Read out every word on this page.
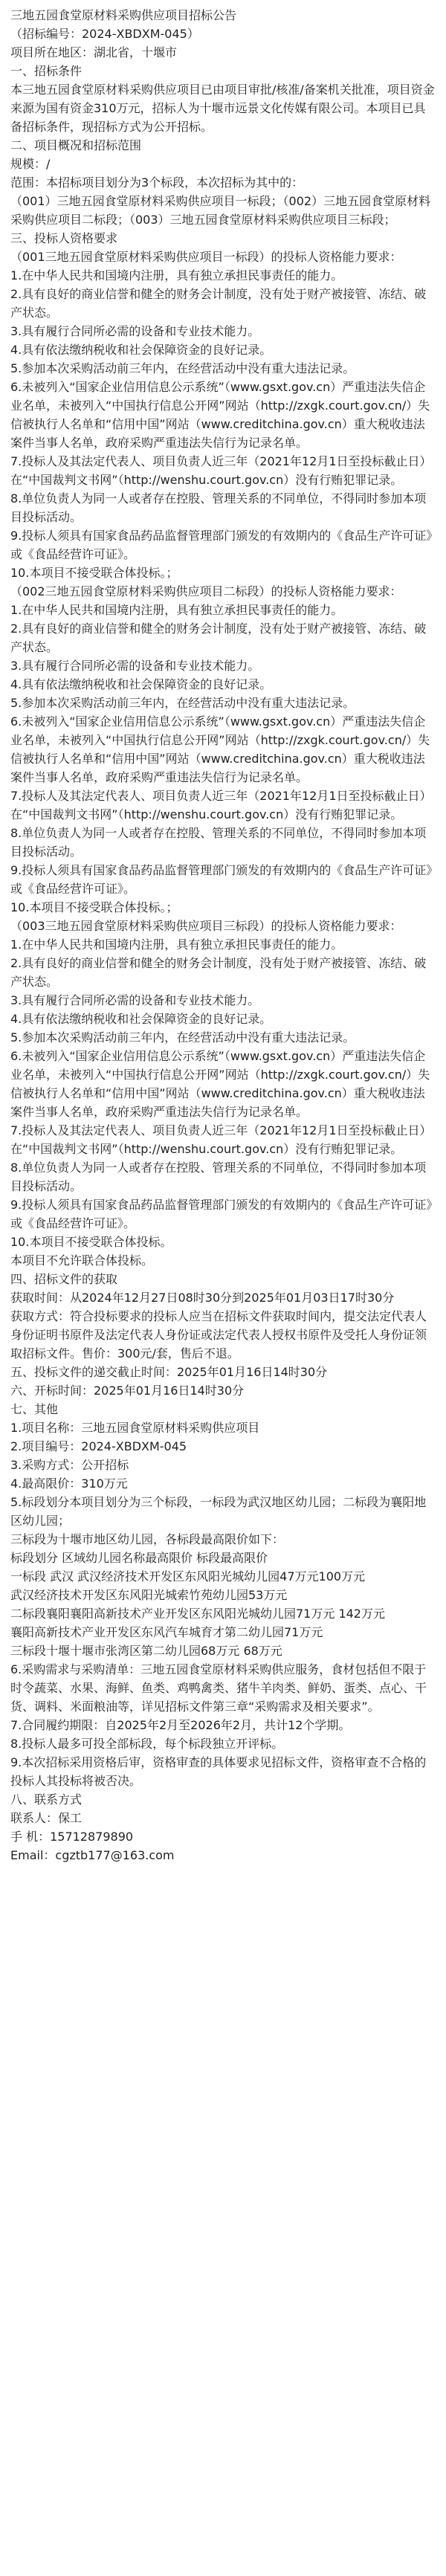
三地五园食堂原材料采购供应项目招标公告

（招标编号：2024-XBDXM-045）

项目所在地区：湖北省，十堰市

一、招标条件

本三地五园食堂原材料采购供应项目已由项目审批/核准/备案机关批准，项目资金来源为国有资金310万元，招标人为十堰市远景文化传媒有限公司。本项目已具备招标条件，现招标方式为公开招标。

二、项目概况和招标范围

规模：/

范围：本招标项目划分为3个标段，本次招标为其中的：

（001）三地五园食堂原材料采购供应项目一标段；（002）三地五园食堂原材料采购供应项目二标段；（003）三地五园食堂原材料采购供应项目三标段；

三、投标人资格要求

（001三地五园食堂原材料采购供应项目一标段）的投标人资格能力要求：

1.在中华人民共和国境内注册，具有独立承担民事责任的能力。

2.具有良好的商业信誉和健全的财务会计制度，没有处于财产被接管、冻结、破产状态。

3.具有履行合同所必需的设备和专业技术能力。

4.具有依法缴纳税收和社会保障资金的良好记录。

5.参加本次采购活动前三年内，在经营活动中没有重大违法记录。

6.未被列入“国家企业信用信息公示系统”（www.gsxt.gov.cn）严重违法失信企业名单，未被列入“中国执行信息公开网”网站（http://zxgk.court.gov.cn/）失信被执行人名单和“信用中国”网站（www.creditchina.gov.cn）重大税收违法案件当事人名单，政府采购严重违法失信行为记录名单。

7.投标人及其法定代表人、项目负责人近三年（2021年12月1日至投标截止日）在“中国裁判文书网”（http://wenshu.court.gov.cn）没有行贿犯罪记录。

8.单位负责人为同一人或者存在控股、管理关系的不同单位，不得同时参加本项目投标活动。

9.投标人须具有国家食品药品监督管理部门颁发的有效期内的《食品生产许可证》或《食品经营许可证》。

10.本项目不接受联合体投标。；

（002三地五园食堂原材料采购供应项目二标段）的投标人资格能力要求：

1.在中华人民共和国境内注册，具有独立承担民事责任的能力。

2.具有良好的商业信誉和健全的财务会计制度，没有处于财产被接管、冻结、破产状态。

3.具有履行合同所必需的设备和专业技术能力。

4.具有依法缴纳税收和社会保障资金的良好记录。

5.参加本次采购活动前三年内，在经营活动中没有重大违法记录。

6.未被列入“国家企业信用信息公示系统”（www.gsxt.gov.cn）严重违法失信企业名单，未被列入“中国执行信息公开网”网站（http://zxgk.court.gov.cn/）失信被执行人名单和“信用中国”网站（www.creditchina.gov.cn）重大税收违法案件当事人名单，政府采购严重违法失信行为记录名单。

7.投标人及其法定代表人、项目负责人近三年（2021年12月1日至投标截止日）在“中国裁判文书网”（http://wenshu.court.gov.cn）没有行贿犯罪记录。

8.单位负责人为同一人或者存在控股、管理关系的不同单位，不得同时参加本项目投标活动。

9.投标人须具有国家食品药品监督管理部门颁发的有效期内的《食品生产许可证》或《食品经营许可证》。

10.本项目不接受联合体投标。；

（003三地五园食堂原材料采购供应项目三标段）的投标人资格能力要求：

1.在中华人民共和国境内注册，具有独立承担民事责任的能力。

2.具有良好的商业信誉和健全的财务会计制度，没有处于财产被接管、冻结、破产状态。

3.具有履行合同所必需的设备和专业技术能力。

4.具有依法缴纳税收和社会保障资金的良好记录。

5.参加本次采购活动前三年内，在经营活动中没有重大违法记录。

6.未被列入“国家企业信用信息公示系统”（www.gsxt.gov.cn）严重违法失信企业名单，未被列入“中国执行信息公开网”网站（http://zxgk.court.gov.cn/）失信被执行人名单和“信用中国”网站（www.creditchina.gov.cn）重大税收违法案件当事人名单，政府采购严重违法失信行为记录名单。

7.投标人及其法定代表人、项目负责人近三年（2021年12月1日至投标截止日）在“中国裁判文书网”（http://wenshu.court.gov.cn）没有行贿犯罪记录。

8.单位负责人为同一人或者存在控股、管理关系的不同单位，不得同时参加本项目投标活动。

9.投标人须具有国家食品药品监督管理部门颁发的有效期内的《食品生产许可证》或《食品经营许可证》。

10.本项目不接受联合体投标。

本项目不允许联合体投标。

四、招标文件的获取

获取时间：从2024年12月27日08时30分到2025年01月03日17时30分

获取方式：符合投标要求的投标人应当在招标文件获取时间内，提交法定代表人身份证明书原件及法定代表人身份证或法定代表人授权书原件及受托人身份证领取招标文件。售价：300元/套，售后不退。

五、投标文件的递交截止时间：2025年01月16日14时30分

六、开标时间：2025年01月16日14时30分

七、其他

1.项目名称：三地五园食堂原材料采购供应项目

2.项目编号：2024-XBDXM-045

3.采购方式：公开招标

4.最高限价：310万元

5.标段划分本项目划分为三个标段，一标段为武汉地区幼儿园；二标段为襄阳地区幼儿园；

三标段为十堰市地区幼儿园，各标段最高限价如下：

标段划分 区域幼儿园名称最高限价 标段最高限价

一标段 武汉 武汉经济技术开发区东风阳光城幼儿园47万元100万元

武汉经济技术开发区东风阳光城索竹苑幼儿园53万元

二标段襄阳襄阳高新技术产业开发区东风阳光城幼儿园71万元 142万元

襄阳高新技术产业开发区东风汽车城育才第二幼儿园71万元

三标段十堰十堰市张湾区第二幼儿园68万元 68万元

6.采购需求与采购清单：三地五园食堂原材料采购供应服务，食材包括但不限于时令蔬菜、水果、海鲜、鱼类、鸡鸭禽类、猪牛羊肉类、鲜奶、蛋类、点心、干货、调料、米面粮油等，详见招标文件第三章“采购需求及相关要求”。

7.合同履约期限：自2025年2月至2026年2月，共计12个学期。

8.投标人最多可投全部标段，每个标段独立开评标。

9.本次招标采用资格后审，资格审查的具体要求见招标文件，资格审查不合格的投标人其投标将被否决。

八、联系方式

联系人：保工

手 机：15712879890

Email：cgztb177@163.com
